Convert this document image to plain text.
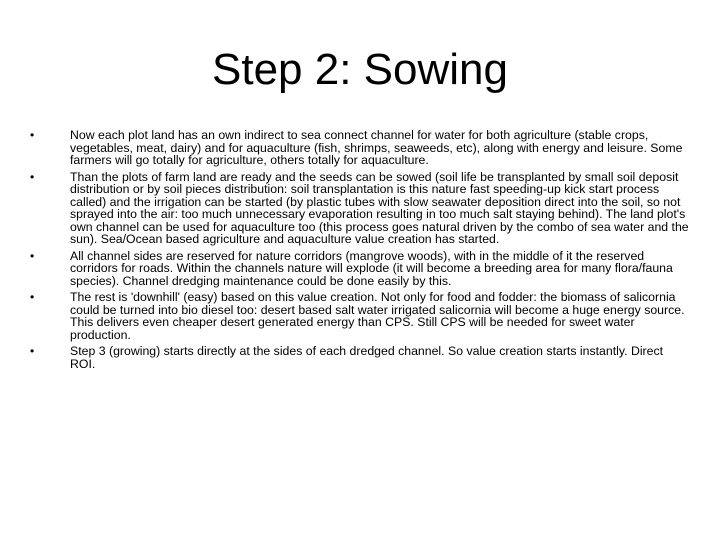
Step 2: Sowing
•	Now each plot land has an own indirect to sea connect channel for water for both agriculture (stable crops, vegetables, meat, dairy) and for aquaculture (fish, shrimps, seaweeds, etc), along with energy and leisure. Some farmers will go totally for agriculture, others totally for aquaculture.
•	Than the plots of farm land are ready and the seeds can be sowed (soil life be transplanted by small soil deposit distribution or by soil pieces distribution: soil transplantation is this nature fast speeding-up kick start process called) and the irrigation can be started (by plastic tubes with slow seawater deposition direct into the soil, so not sprayed into the air: too much unnecessary evaporation resulting in too much salt staying behind). The land plot's own channel can be used for aquaculture too (this process goes natural driven by the combo of sea water and the sun). Sea/Ocean based agriculture and aquaculture value creation has started.
•	All channel sides are reserved for nature corridors (mangrove woods), with in the middle of it the reserved corridors for roads. Within the channels nature will explode (it will become a breeding area for many flora/fauna species). Channel dredging maintenance could be done easily by this.
•	The rest is 'downhill' (easy) based on this value creation. Not only for food and fodder: the biomass of salicornia could be turned into bio diesel too: desert based salt water irrigated salicornia will become a huge energy source. This delivers even cheaper desert generated energy than CPS. Still CPS will be needed for sweet water production.
•	Step 3 (growing) starts directly at the sides of each dredged channel. So value creation starts instantly. Direct ROI.
